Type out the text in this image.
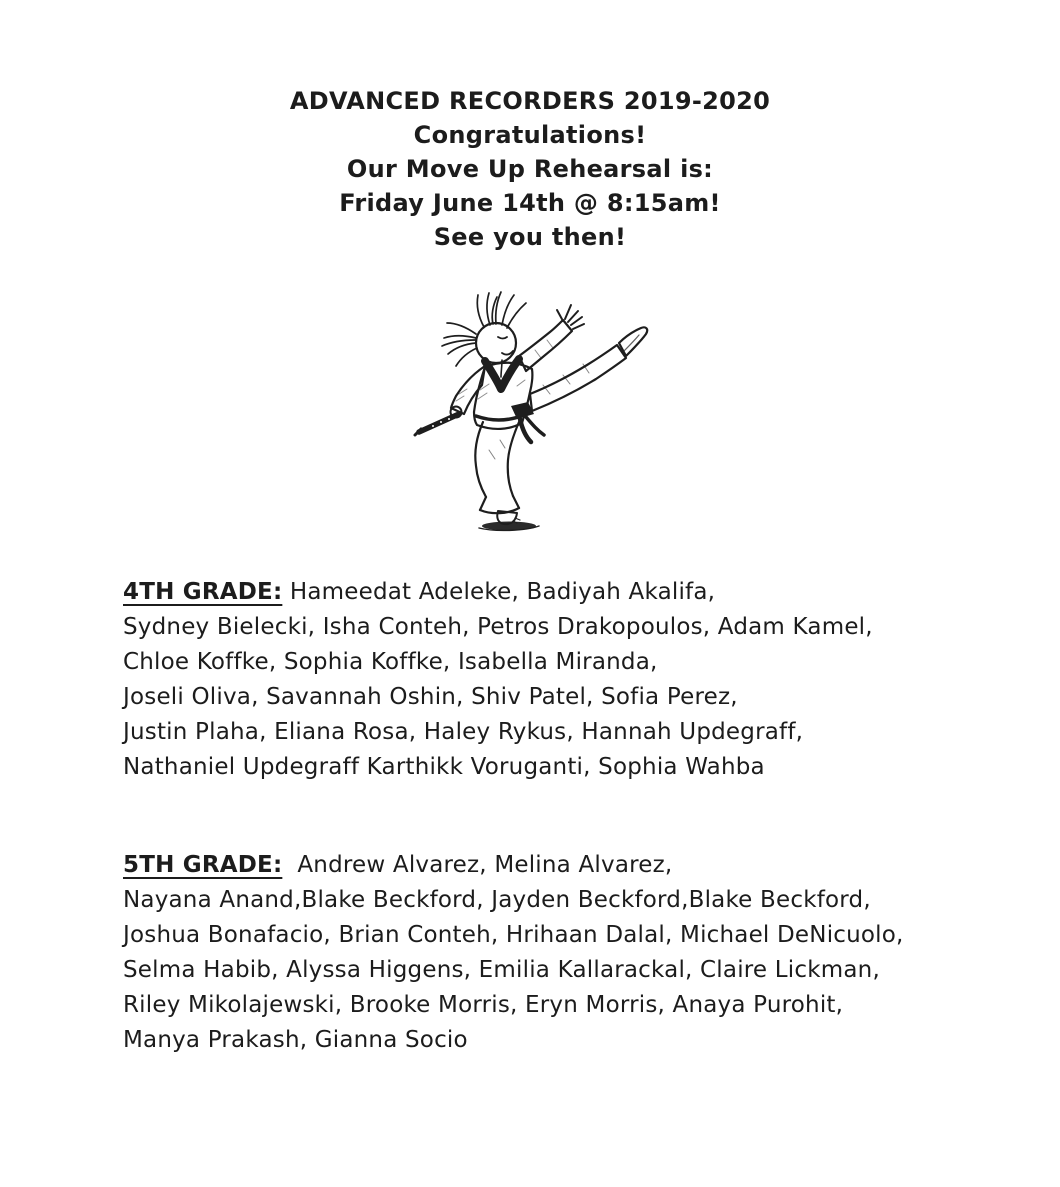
ADVANCED RECORDERS 2019-2020
Congratulations!
Our Move Up Rehearsal is:
Friday June 14th @ 8:15am!
See you then!
4TH GRADE: Hameedat Adeleke, Badiyah Akalifa,
Sydney Bielecki, Isha Conteh, Petros Drakopoulos, Adam Kamel,
Chloe Koffke, Sophia Koffke, Isabella Miranda,
Joseli Oliva, Savannah Oshin, Shiv Patel, Sofia Perez,
Justin Plaha, Eliana Rosa, Haley Rykus, Hannah Updegraff,
Nathaniel Updegraff Karthikk Voruganti, Sophia Wahba
5TH GRADE:  Andrew Alvarez, Melina Alvarez,
Nayana Anand,Blake Beckford, Jayden Beckford,Blake Beckford,
Joshua Bonafacio, Brian Conteh, Hrihaan Dalal, Michael DeNicuolo,
Selma Habib, Alyssa Higgens, Emilia Kallarackal, Claire Lickman,
Riley Mikolajewski, Brooke Morris, Eryn Morris, Anaya Purohit,
Manya Prakash, Gianna Socio
